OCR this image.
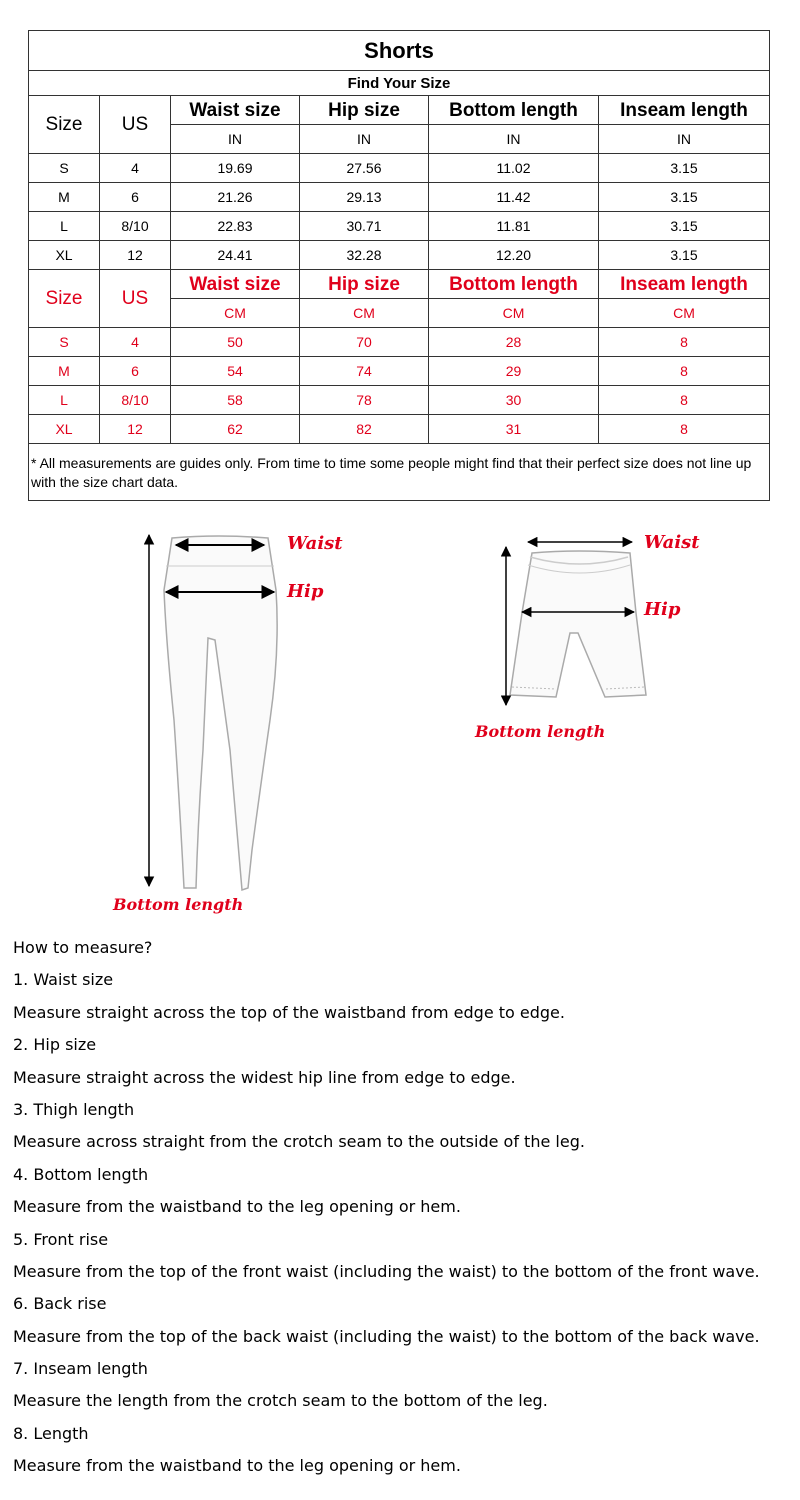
Shorts					
Find Your Size					
Size	US	Waist size	Hip size	Bottom length	Inseam length
		IN	IN	IN	IN
S	4	19.69	27.56	11.02	3.15
M	6	21.26	29.13	11.42	3.15
L	8/10	22.83	30.71	11.81	3.15
XL	12	24.41	32.28	12.20	3.15
Size	US	Waist size	Hip size	Bottom length	Inseam length
		CM	CM	CM	CM
S	4	50	70	28	8
M	6	54	74	29	8
L	8/10	58	78	30	8
XL	12	62	82	31	8
* All measurements are guides only. From time to time some people might find that their perfect size does not line up with the size chart data.					
Waist
Hip
Bottom length
Waist
Hip
Bottom length
How to measure?
1. Waist size
Measure straight across the top of the waistband from edge to edge.
2. Hip size
Measure straight across the widest hip line from edge to edge.
3. Thigh length
Measure across straight from the crotch seam to the outside of the leg.
4. Bottom length
Measure from the waistband to the leg opening or hem.
5. Front rise
Measure from the top of the front waist (including the waist) to the bottom of the front wave.
6. Back rise
Measure from the top of the back waist (including the waist) to the bottom of the back wave.
7. Inseam length
Measure the length from the crotch seam to the bottom of the leg.
8. Length
Measure from the waistband to the leg opening or hem.
